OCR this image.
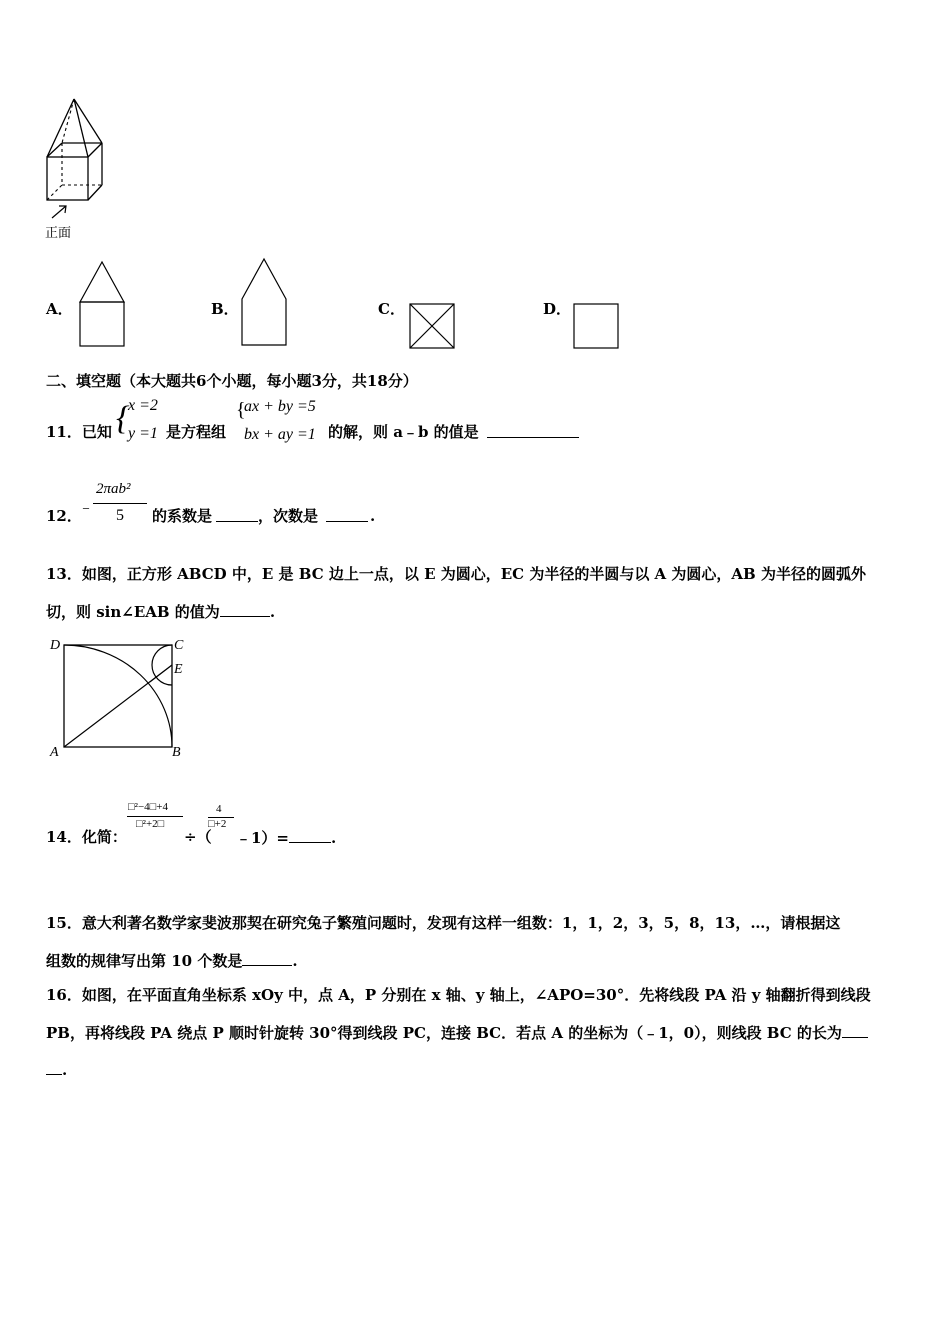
正面
A．	B．	C．	D．
二、填空题（本大题共6个小题，每小题3分，共18分）
11．已知 {
x =2
y =1 是方程组
{
ax + by =5
bx + ay =1 的解，则 a﹣b 的值是
12．
﹣
2πab²
5 的系数是	，次数是	.
13．如图，正方形 ABCD 中，E 是 BC 边上一点，以 E 为圆心，EC 为半径的半圆与以 A 为圆心，AB 为半径的圆弧外
切，则 sin∠EAB 的值为	.
D	C
E
A	B
14．化简：
□²−4□+4
□²+2□
÷（
4
□+2
﹣1）=	.
15．意大利著名数学家斐波那契在研究兔子繁殖问题时，发现有这样一组数：1，1，2，3，5，8，13，…，请根据这
组数的规律写出第 10 个数是	.
16．如图，在平面直角坐标系 xOy 中，点 A，P 分别在 x 轴、y 轴上，∠APO=30°．先将线段 PA 沿 y 轴翻折得到线段
PB，再将线段 PA 绕点 P 顺时针旋转 30°得到线段 PC，连接 BC．若点 A 的坐标为（﹣1，0），则线段 BC 的长为
.
